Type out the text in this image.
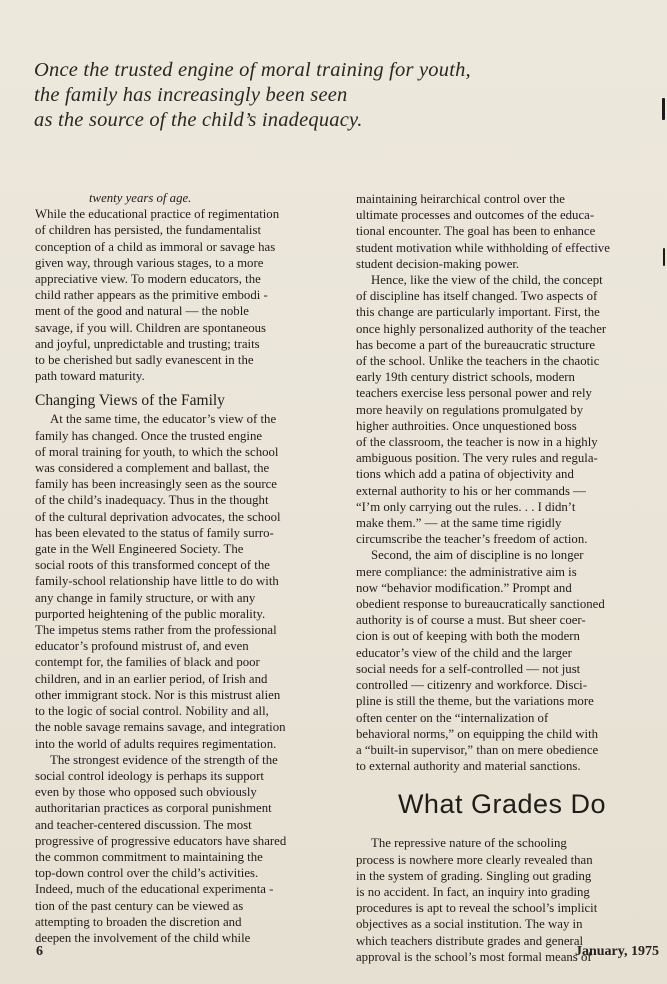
Once the trusted engine of moral training for youth,
the family has increasingly been seen
as the source of the child’s inadequacy.
twenty years of age.
While the educational practice of regimentation
of children has persisted, the fundamentalist
conception of a child as immoral or savage has
given way, through various stages, to a more
appreciative view. To modern educators, the
child rather appears as the primitive embodi -
ment of the good and natural — the noble
savage, if you will. Children are spontaneous
and joyful, unpredictable and trusting; traits
to be cherished but sadly evanescent in the
path toward maturity.
Changing Views of the Family
At the same time, the educator’s view of the
family has changed. Once the trusted engine
of moral training for youth, to which the school
was considered a complement and ballast, the
family has been increasingly seen as the source
of the child’s inadequacy. Thus in the thought
of the cultural deprivation advocates, the school
has been elevated to the status of family surro-
gate in the Well Engineered Society. The
social roots of this transformed concept of the
family-school relationship have little to do with
any change in family structure, or with any
purported heightening of the public morality.
The impetus stems rather from the professional
educator’s profound mistrust of, and even
contempt for, the families of black and poor
children, and in an earlier period, of Irish and
other immigrant stock. Nor is this mistrust alien
to the logic of social control. Nobility and all,
the noble savage remains savage, and integration
into the world of adults requires regimentation.
The strongest evidence of the strength of the
social control ideology is perhaps its support
even by those who opposed such obviously
authoritarian practices as corporal punishment
and teacher-centered discussion. The most
progressive of progressive educators have shared
the common commitment to maintaining the
top-down control over the child’s activities.
Indeed, much of the educational experimenta -
tion of the past century can be viewed as
attempting to broaden the discretion and
deepen the involvement of the child while
maintaining heirarchical control over the
ultimate processes and outcomes of the educa-
tional encounter. The goal has been to enhance
student motivation while withholding of effective
student decision-making power.
Hence, like the view of the child, the concept
of discipline has itself changed. Two aspects of
this change are particularly important. First, the
once highly personalized authority of the teacher
has become a part of the bureaucratic structure
of the school. Unlike the teachers in the chaotic
early 19th century district schools, modern
teachers exercise less personal power and rely
more heavily on regulations promulgated by
higher authroities. Once unquestioned boss
of the classroom, the teacher is now in a highly
ambiguous position. The very rules and regula-
tions which add a patina of objectivity and
external authority to his or her commands —
“I’m only carrying out the rules. . . I didn’t
make them.” — at the same time rigidly
circumscribe the teacher’s freedom of action.
Second, the aim of discipline is no longer
mere compliance: the administrative aim is
now “behavior modification.” Prompt and
obedient response to bureaucratically sanctioned
authority is of course a must. But sheer coer-
cion is out of keeping with both the modern
educator’s view of the child and the larger
social needs for a self-controlled — not just
controlled — citizenry and workforce. Disci-
pline is still the theme, but the variations more
often center on the “internalization of
behavioral norms,” on equipping the child with
a “built-in supervisor,” than on mere obedience
to external authority and material sanctions.
What Grades Do
The repressive nature of the schooling
process is nowhere more clearly revealed than
in the system of grading. Singling out grading
is no accident. In fact, an inquiry into grading
procedures is apt to reveal the school’s implicit
objectives as a social institution. The way in
which teachers distribute grades and general
approval is the school’s most formal means of
6	January, 1975
